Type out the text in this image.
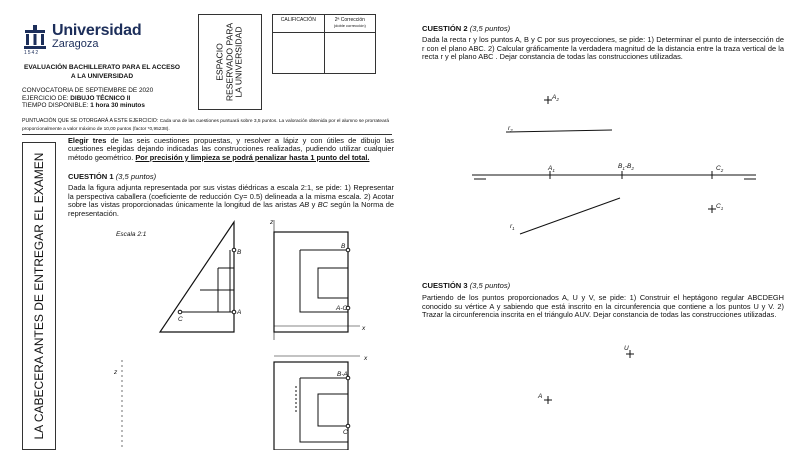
Universidad
Zaragoza
1542
EVALUACIÓN BACHILLERATO PARA EL ACCESO A LA UNIVERSIDAD
CONVOCATORIA DE SEPTIEMBRE DE 2020
EJERCICIO DE: DIBUJO TÉCNICO II
TIEMPO DISPONIBLE: 1 hora 30 minutos
ESPACIO RESERVADO PARA LA UNIVERSIDAD
CALIFICACIÓN	2ª Corrección
(doble corrección)

PUNTUACIÓN QUE SE OTORGARÁ A ESTE EJERCICIO: Cada una de las cuestiones puntuará sobre 3,5 puntos. La valoración obtenida por el alumno se prorrateará proporcionalmente a valor máximo de 10,00 puntos (factor *0,95238).
LA CABECERA ANTES DE ENTREGAR EL EXAMEN
Elegir tres de las seis cuestiones propuestas, y resolver a lápiz y con útiles de dibujo las cuestiones elegidas dejando indicadas las construcciones realizadas, pudiendo utilizar cualquier método geométrico. Por precisión y limpieza se podrá penalizar hasta 1 punto del total.
CUESTIÓN 1 (3,5 puntos)
Dada la figura adjunta representada por sus vistas diédricas a escala 2:1, se pide: 1) Representar la perspectiva caballera (coeficiente de reducción Cy= 0.5) delineada a la misma escala. 2) Acotar sobre las vistas proporcionadas únicamente la longitud de las aristas AB y BC según la Norma de representación.
Escala 2:1
B
A
C
B
A-C
x
z
x
z	B-A
C
CUESTIÓN 2 (3,5 puntos)
Dada la recta r y los puntos A, B y C por sus proyecciones, se pide: 1) Determinar el punto de intersección de r con el plano ABC. 2) Calcular gráficamente la verdadera magnitud de la distancia entre la traza vertical de la recta r y el plano ABC . Dejar constancia de todas las construcciones utilizadas.
$A_2$
$r_2$
$A_1$
$B_1-B_2$	$C_2$
$C_1$
$r_1$
CUESTIÓN 3 (3,5 puntos)
Partiendo de los puntos proporcionados A, U y V, se pide: 1) Construir el heptágono regular ABCDEGH conocido su vértice A y sabiendo que está inscrito en la circunferencia que contiene a los puntos U y V. 2) Trazar la circunferencia inscrita en el triángulo AUV. Dejar constancia de todas las construcciones utilizadas.
U
A
